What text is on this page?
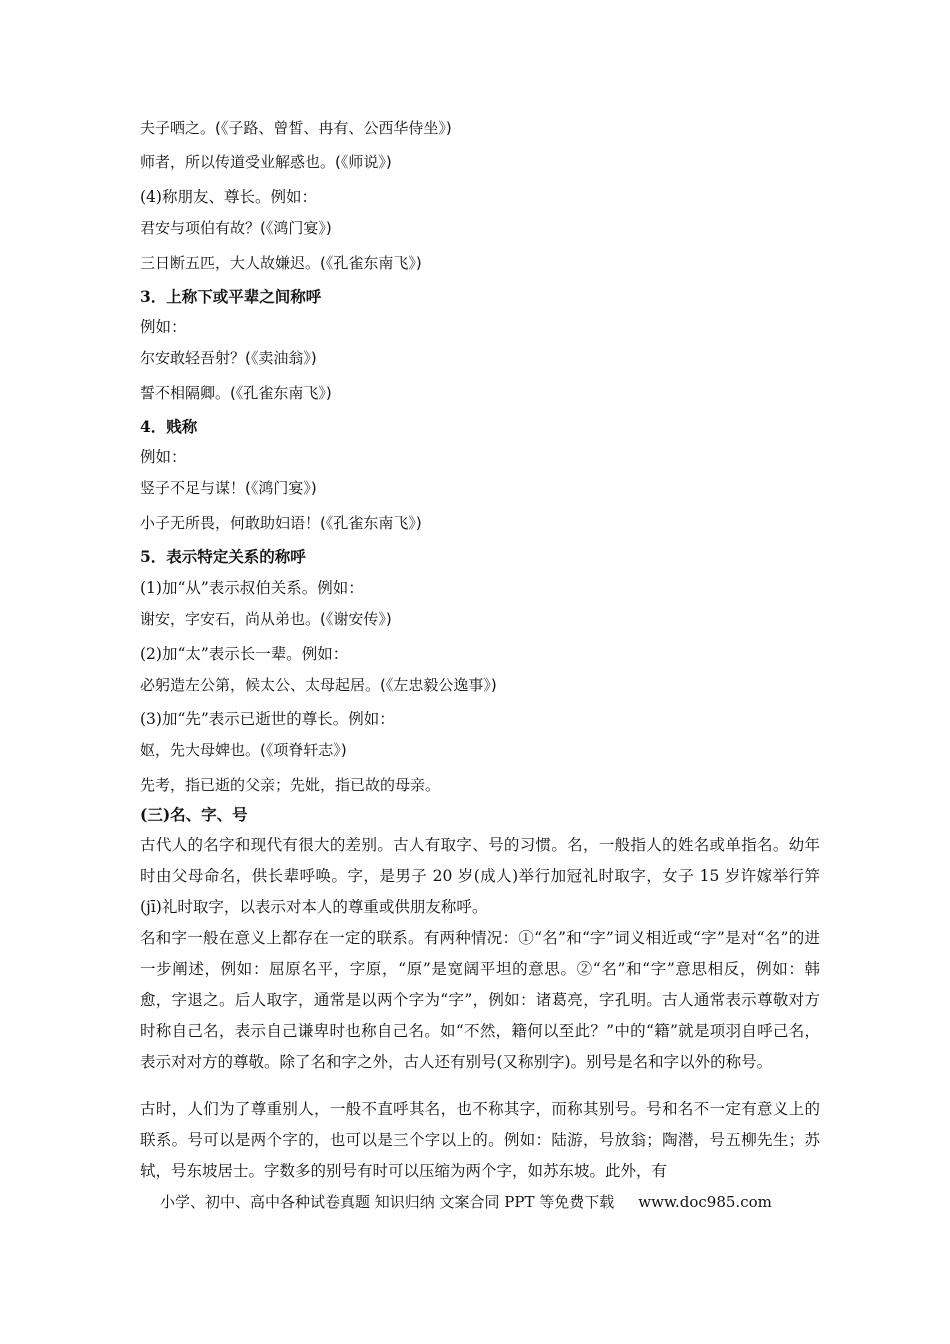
夫子哂之。(《子路、曾皙、冉有、公西华侍坐》)
师者，所以传道受业解惑也。(《师说》)
(4)称朋友、尊长。例如：
君安与项伯有故？(《鸿门宴》)
三日断五匹，大人故嫌迟。(《孔雀东南飞》)
3．上称下或平辈之间称呼
例如：
尔安敢轻吾射？(《卖油翁》)
誓不相隔卿。(《孔雀东南飞》)
4．贱称
例如：
竖子不足与谋！(《鸿门宴》)
小子无所畏，何敢助妇语！(《孔雀东南飞》)
5．表示特定关系的称呼
(1)加“从”表示叔伯关系。例如：
谢安，字安石，尚从弟也。(《谢安传》)
(2)加“太”表示长一辈。例如：
必躬造左公第，候太公、太母起居。(《左忠毅公逸事》)
(3)加“先”表示已逝世的尊长。例如：
妪，先大母婢也。(《项脊轩志》)
先考，指已逝的父亲；先妣，指已故的母亲。
(三)名、字、号
古代人的名字和现代有很大的差别。古人有取字、号的习惯。名，一般指人的姓名或单指名。幼年时由父母命名，供长辈呼唤。字，是男子 20 岁(成人)举行加冠礼时取字，女子 15 岁许嫁举行笄(jī)礼时取字，以表示对本人的尊重或供朋友称呼。
名和字一般在意义上都存在一定的联系。有两种情况：①“名”和“字”词义相近或“字”是对“名”的进一步阐述，例如：屈原名平，字原，“原”是宽阔平坦的意思。②“名”和“字”意思相反，例如：韩愈，字退之。后人取字，通常是以两个字为“字”，例如：诸葛亮，字孔明。古人通常表示尊敬对方时称自己名，表示自己谦卑时也称自己名。如“不然，籍何以至此？”中的“籍”就是项羽自呼己名，表示对对方的尊敬。除了名和字之外，古人还有别号(又称别字)。别号是名和字以外的称号。
古时，人们为了尊重别人，一般不直呼其名，也不称其字，而称其别号。号和名不一定有意义上的联系。号可以是两个字的，也可以是三个字以上的。例如：陆游，号放翁；陶潜，号五柳先生；苏轼，号东坡居士。字数多的别号有时可以压缩为两个字，如苏东坡。此外，有
小学、初中、高中各种试卷真题 知识归纳 文案合同 PPT 等免费下载 www.doc985.com
